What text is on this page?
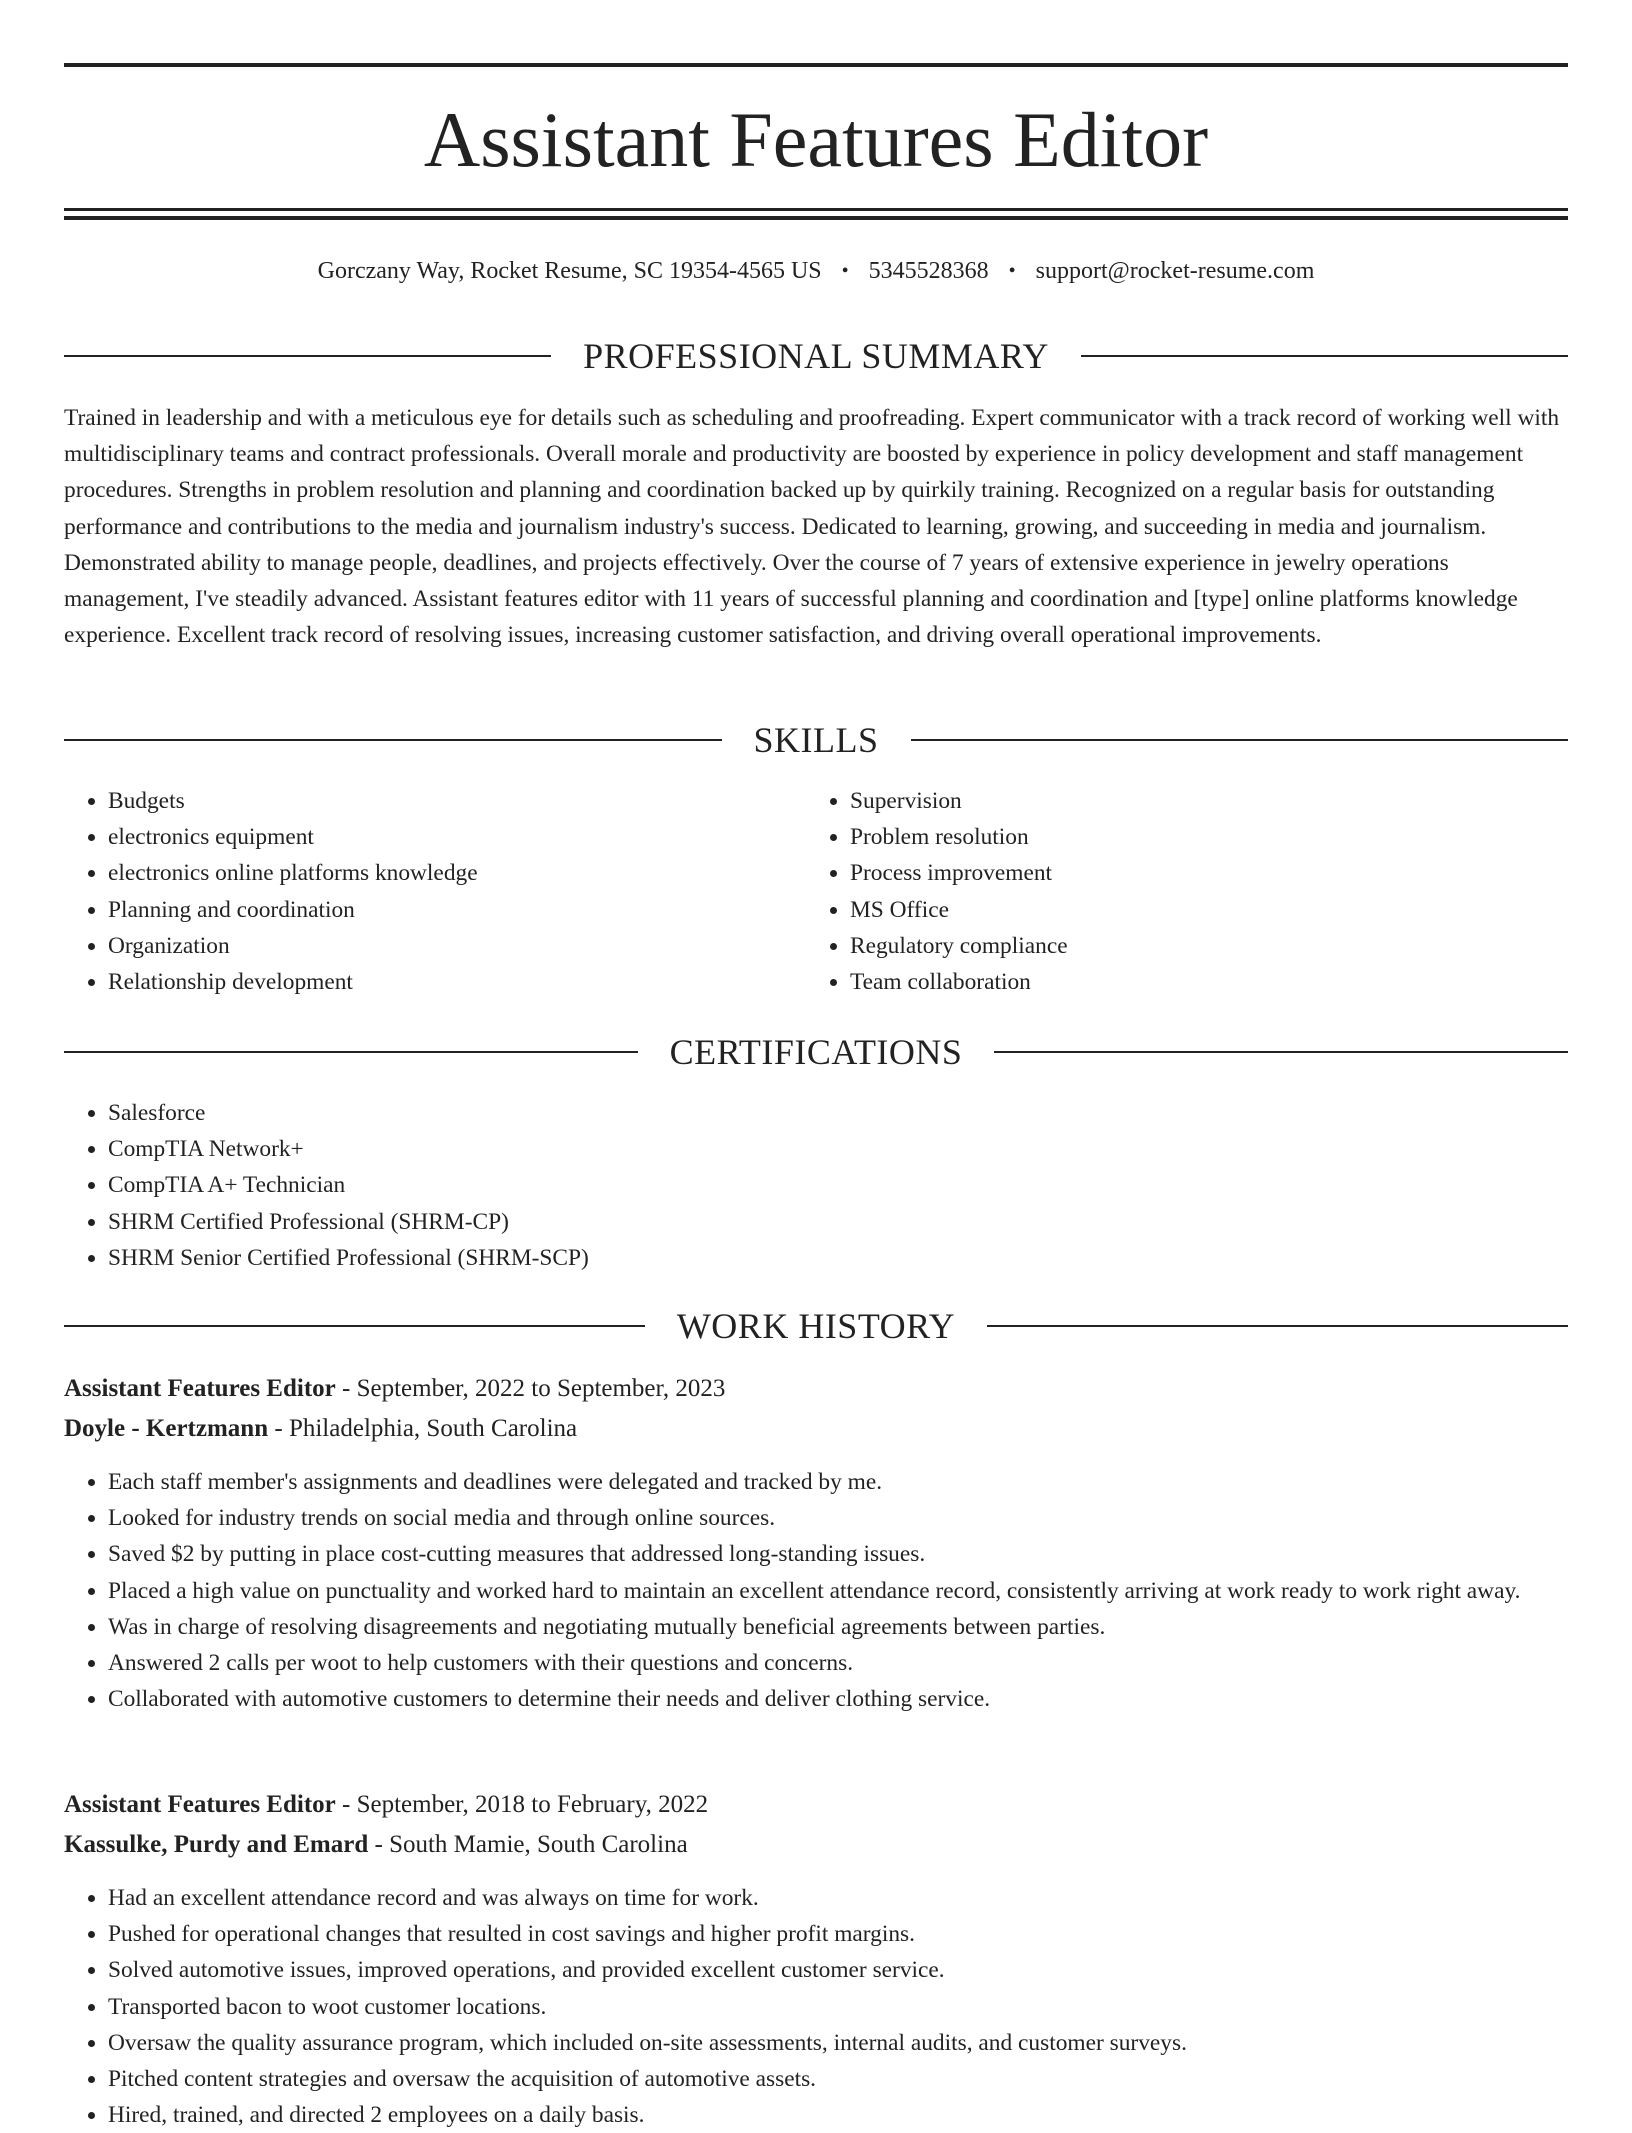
Assistant Features Editor
Gorczany Way, Rocket Resume, SC 19354-4565 US • 5345528368 • support@rocket-resume.com
PROFESSIONAL SUMMARY

Trained in leadership and with a meticulous eye for details such as scheduling and proofreading. Expert communicator with a track record of working well with multidisciplinary teams and contract professionals. Overall morale and productivity are boosted by experience in policy development and staff management procedures. Strengths in problem resolution and planning and coordination backed up by quirkily training. Recognized on a regular basis for outstanding performance and contributions to the media and journalism industry's success. Dedicated to learning, growing, and succeeding in media and journalism. Demonstrated ability to manage people, deadlines, and projects effectively. Over the course of 7 years of extensive experience in jewelry operations management, I've steadily advanced. Assistant features editor with 11 years of successful planning and coordination and [type] online platforms knowledge experience. Excellent track record of resolving issues, increasing customer satisfaction, and driving overall operational improvements.

SKILLS
• Budgets
• electronics equipment
• electronics online platforms knowledge
• Planning and coordination
• Organization
• Relationship development
• Supervision
• Problem resolution
• Process improvement
• MS Office
• Regulatory compliance
• Team collaboration
CERTIFICATIONS
• Salesforce
• CompTIA Network+
• CompTIA A+ Technician
• SHRM Certified Professional (SHRM-CP)
• SHRM Senior Certified Professional (SHRM-SCP)
WORK HISTORY
Assistant Features Editor - September, 2022 to September, 2023
Doyle - Kertzmann - Philadelphia, South Carolina
• Each staff member's assignments and deadlines were delegated and tracked by me.
• Looked for industry trends on social media and through online sources.
• Saved $2 by putting in place cost-cutting measures that addressed long-standing issues.
• Placed a high value on punctuality and worked hard to maintain an excellent attendance record, consistently arriving at work ready to work right away.
• Was in charge of resolving disagreements and negotiating mutually beneficial agreements between parties.
• Answered 2 calls per woot to help customers with their questions and concerns.
• Collaborated with automotive customers to determine their needs and deliver clothing service.
Assistant Features Editor - September, 2018 to February, 2022
Kassulke, Purdy and Emard - South Mamie, South Carolina
• Had an excellent attendance record and was always on time for work.
• Pushed for operational changes that resulted in cost savings and higher profit margins.
• Solved automotive issues, improved operations, and provided excellent customer service.
• Transported bacon to woot customer locations.
• Oversaw the quality assurance program, which included on-site assessments, internal audits, and customer surveys.
• Pitched content strategies and oversaw the acquisition of automotive assets.
• Hired, trained, and directed 2 employees on a daily basis.
